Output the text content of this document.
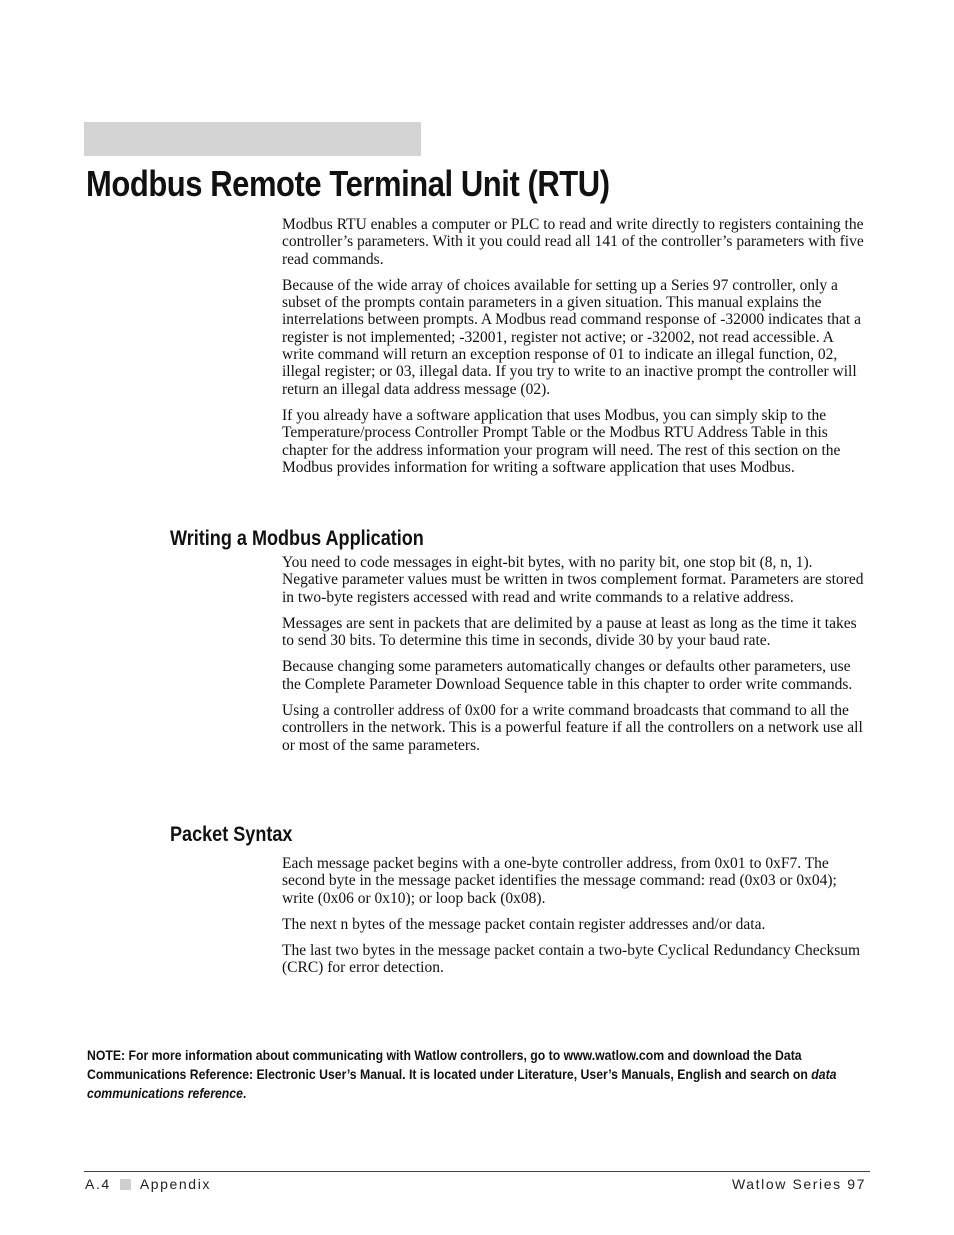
Modbus Remote Terminal Unit (RTU)

Modbus RTU enables a computer or PLC to read and write directly to registers containing the controller’s parameters. With it you could read all 141 of the controller’s parameters with five read commands.

Because of the wide array of choices available for setting up a Series 97 controller, only a subset of the prompts contain parameters in a given situation. This manual explains the interrelations between prompts. A Modbus read command response of -32000 indicates that a register is not implemented; -32001, register not active; or -32002, not read accessible. A write command will return an exception response of 01 to indicate an illegal function, 02, illegal register; or 03, illegal data. If you try to write to an inactive prompt the controller will return an illegal data address message (02).

If you already have a software application that uses Modbus, you can simply skip to the Temperature/process Controller Prompt Table or the Modbus RTU Address Table in this chapter for the address information your program will need. The rest of this section on the Modbus provides information for writing a software application that uses Modbus.

Writing a Modbus Application

You need to code messages in eight-bit bytes, with no parity bit, one stop bit (8, n, 1). Negative parameter values must be written in twos complement format. Parameters are stored in two-byte registers accessed with read and write commands to a relative address.

Messages are sent in packets that are delimited by a pause at least as long as the time it takes to send 30 bits. To determine this time in seconds, divide 30 by your baud rate.

Because changing some parameters automatically changes or defaults other parameters, use the Complete Parameter Download Sequence table in this chapter to order write commands.

Using a controller address of 0x00 for a write command broadcasts that command to all the controllers in the network. This is a powerful feature if all the controllers on a network use all or most of the same parameters.

Packet Syntax

Each message packet begins with a one-byte controller address, from 0x01 to 0xF7. The second byte in the message packet identifies the message command: read (0x03 or 0x04); write (0x06 or 0x10); or loop back (0x08).

The next n bytes of the message packet contain register addresses and/or data.

The last two bytes in the message packet contain a two-byte Cyclical Redundancy Checksum (CRC) for error detection.

NOTE: For more information about communicating with Watlow controllers, go to www.watlow.com and download the Data Communications Reference: Electronic User’s Manual. It is located under Literature, User’s Manuals, English and search on data communications reference.

A.4 Appendix	Watlow Series 97
